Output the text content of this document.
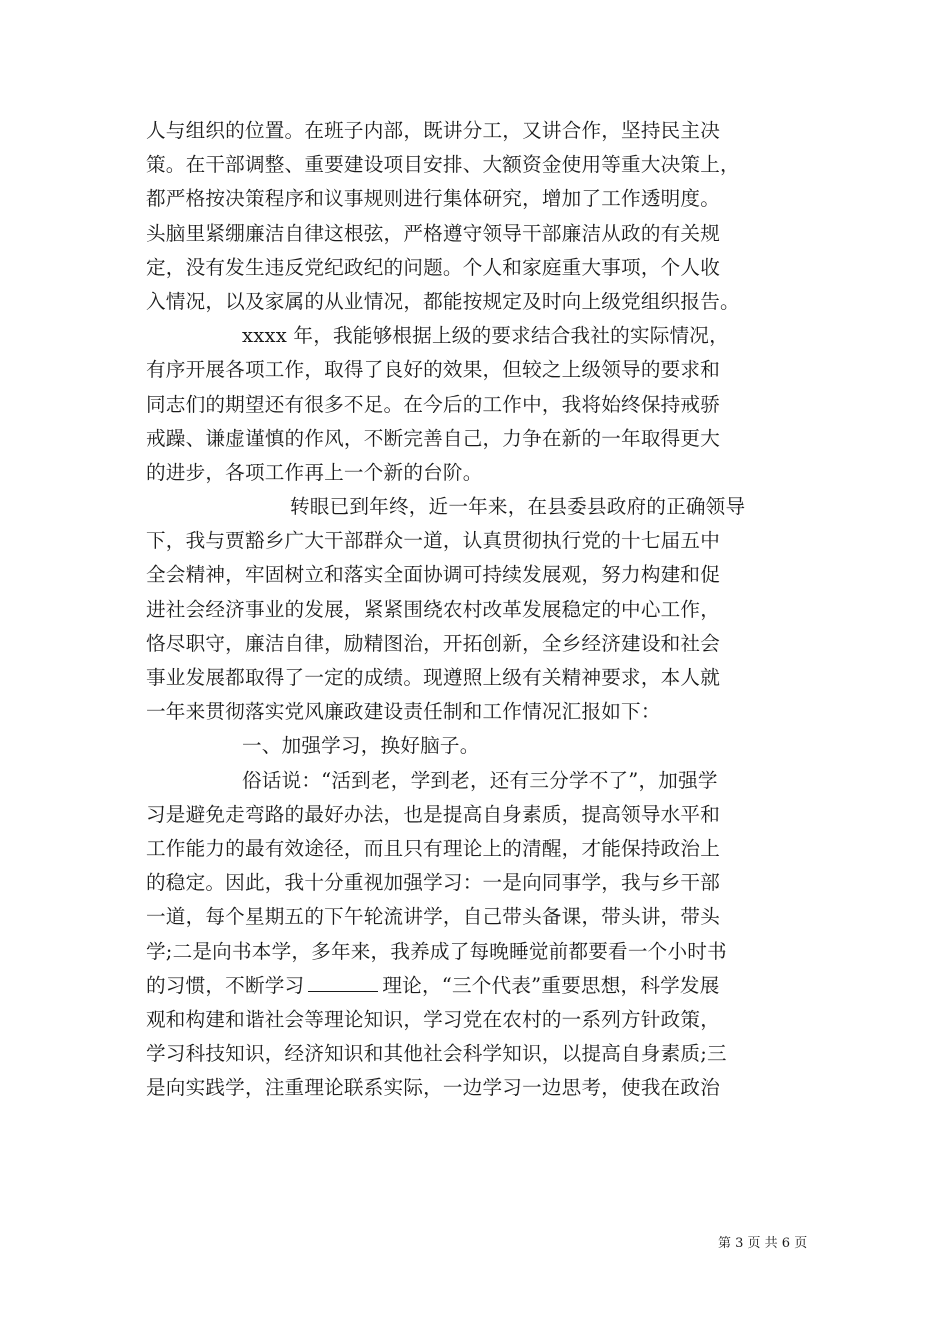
人与组织的位置。在班子内部，既讲分工，又讲合作，坚持民主决
策。在干部调整、重要建设项目安排、大额资金使用等重大决策上，
都严格按决策程序和议事规则进行集体研究，增加了工作透明度。
头脑里紧绷廉洁自律这根弦，严格遵守领导干部廉洁从政的有关规
定，没有发生违反党纪政纪的问题。个人和家庭重大事项，个人收
入情况，以及家属的从业情况，都能按规定及时向上级党组织报告。
xxxx 年，我能够根据上级的要求结合我社的实际情况，
有序开展各项工作，取得了良好的效果，但较之上级领导的要求和
同志们的期望还有很多不足。在今后的工作中，我将始终保持戒骄
戒躁、谦虚谨慎的作风，不断完善自己，力争在新的一年取得更大
的进步，各项工作再上一个新的台阶。
转眼已到年终，近一年来，在县委县政府的正确领导
下，我与贾豁乡广大干部群众一道，认真贯彻执行党的十七届五中
全会精神，牢固树立和落实全面协调可持续发展观，努力构建和促
进社会经济事业的发展，紧紧围绕农村改革发展稳定的中心工作，
恪尽职守，廉洁自律，励精图治，开拓创新，全乡经济建设和社会
事业发展都取得了一定的成绩。现遵照上级有关精神要求，本人就
一年来贯彻落实党风廉政建设责任制和工作情况汇报如下：
一、加强学习，换好脑子。
俗话说：“活到老，学到老，还有三分学不了”，加强学
习是避免走弯路的最好办法，也是提高自身素质，提高领导水平和
工作能力的最有效途径，而且只有理论上的清醒，才能保持政治上
的稳定。因此，我十分重视加强学习：一是向同事学，我与乡干部
一道，每个星期五的下午轮流讲学，自己带头备课，带头讲，带头
学;二是向书本学，多年来，我养成了每晚睡觉前都要看一个小时书
的习惯，不断学习	理论，“三个代表”重要思想，科学发展
观和构建和谐社会等理论知识，学习党在农村的一系列方针政策，
学习科技知识，经济知识和其他社会科学知识，以提高自身素质;三
是向实践学，注重理论联系实际，一边学习一边思考，使我在政治
第 3 页 共 6 页
